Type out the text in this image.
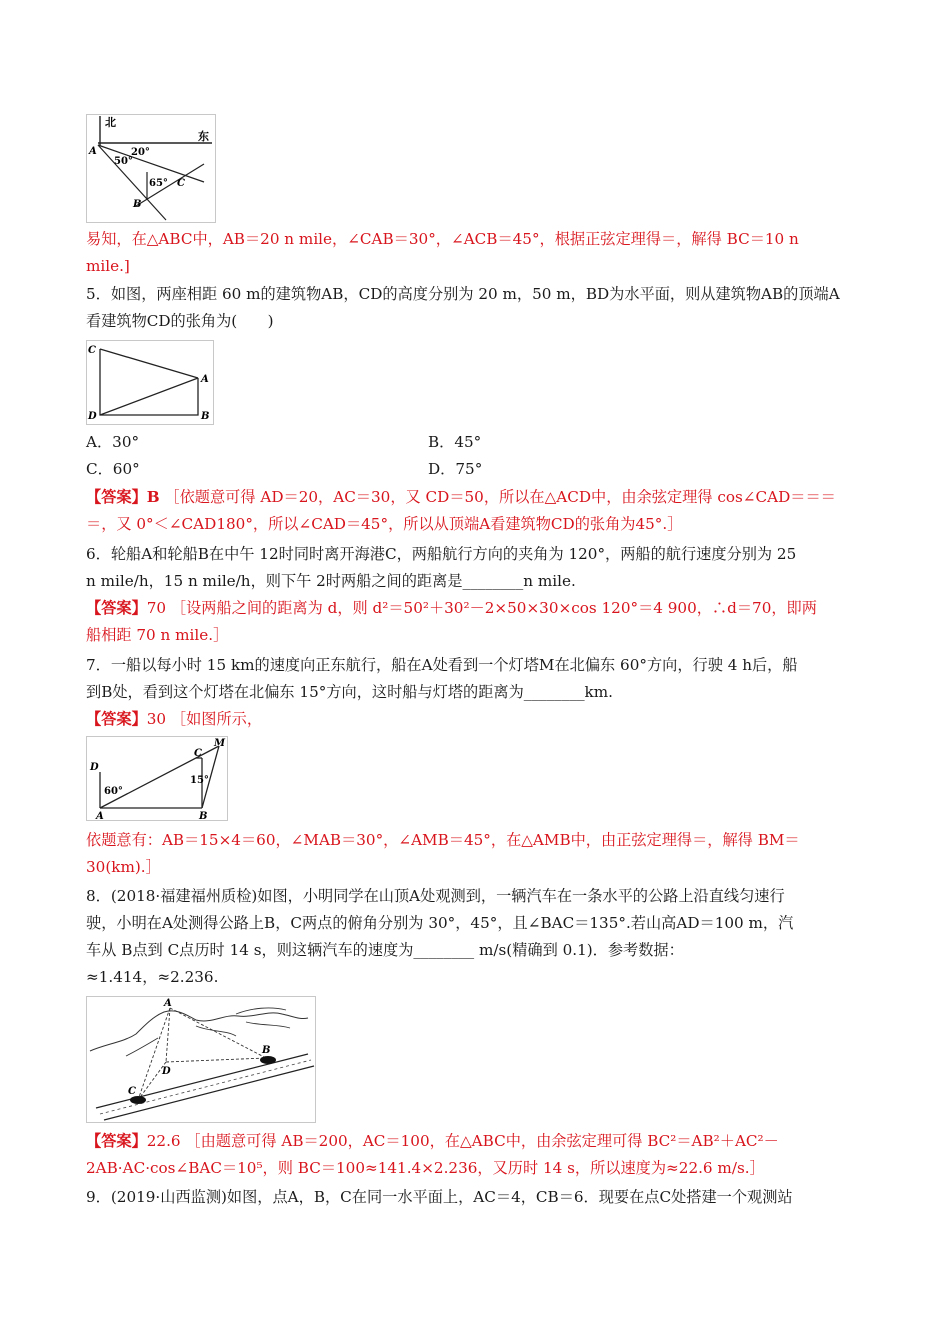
北
东
A	20°
50°
65° C
B
易知，在△ABC中，AB＝20 n mile，∠CAB＝30°，∠ACB＝45°，根据正弦定理得＝，解得 BC＝10 n
mile.]
5．如图，两座相距 60 m的建筑物AB，CD的高度分别为 20 m，50 m，BD为水平面，则从建筑物AB的顶端A
看建筑物CD的张角为(　　)
C
D
A
B
A．30°	B．45°
C．60°	D．75°
【答案】B ［依题意可得 AD＝20，AC＝30，又 CD＝50，所以在△ACD中，由余弦定理得 cos∠CAD＝＝＝
＝，又 0°＜∠CAD180°，所以∠CAD＝45°，所以从顶端A看建筑物CD的张角为45°.］
6．轮船A和轮船B在中午 12时同时离开海港C，两船航行方向的夹角为 120°，两船的航行速度分别为 25
n mile/h，15 n mile/h，则下午 2时两船之间的距离是________n mile.
【答案】70 ［设两船之间的距离为 d，则 d²＝50²＋30²－2×50×30×cos 120°＝4 900，∴d＝70，即两
船相距 70 n mile.］
7．一船以每小时 15 km的速度向正东航行，船在A处看到一个灯塔M在北偏东 60°方向，行驶 4 h后，船
到B处，看到这个灯塔在北偏东 15°方向，这时船与灯塔的距离为________km.
【答案】30 ［如图所示，
D
C
M
60°
15°
A	B
依题意有：AB＝15×4＝60，∠MAB＝30°，∠AMB＝45°，在△AMB中，由正弦定理得＝，解得 BM＝
30(km).］
8．(2018·福建福州质检)如图，小明同学在山顶A处观测到，一辆汽车在一条水平的公路上沿直线匀速行
驶，小明在A处测得公路上B，C两点的俯角分别为 30°，45°，且∠BAC＝135°.若山高AD＝100 m，汽
车从 B点到 C点历时 14 s，则这辆汽车的速度为________ m/s(精确到 0.1)．参考数据：
≈1.414，≈2.236.
A
B
C
D
【答案】22.6 ［由题意可得 AB＝200，AC＝100，在△ABC中，由余弦定理可得 BC²＝AB²＋AC²－
2AB·AC·cos∠BAC＝10⁵，则 BC＝100≈141.4×2.236，又历时 14 s，所以速度为≈22.6 m/s.］
9．(2019·山西监测)如图，点A，B，C在同一水平面上，AC＝4，CB＝6．现要在点C处搭建一个观测站
